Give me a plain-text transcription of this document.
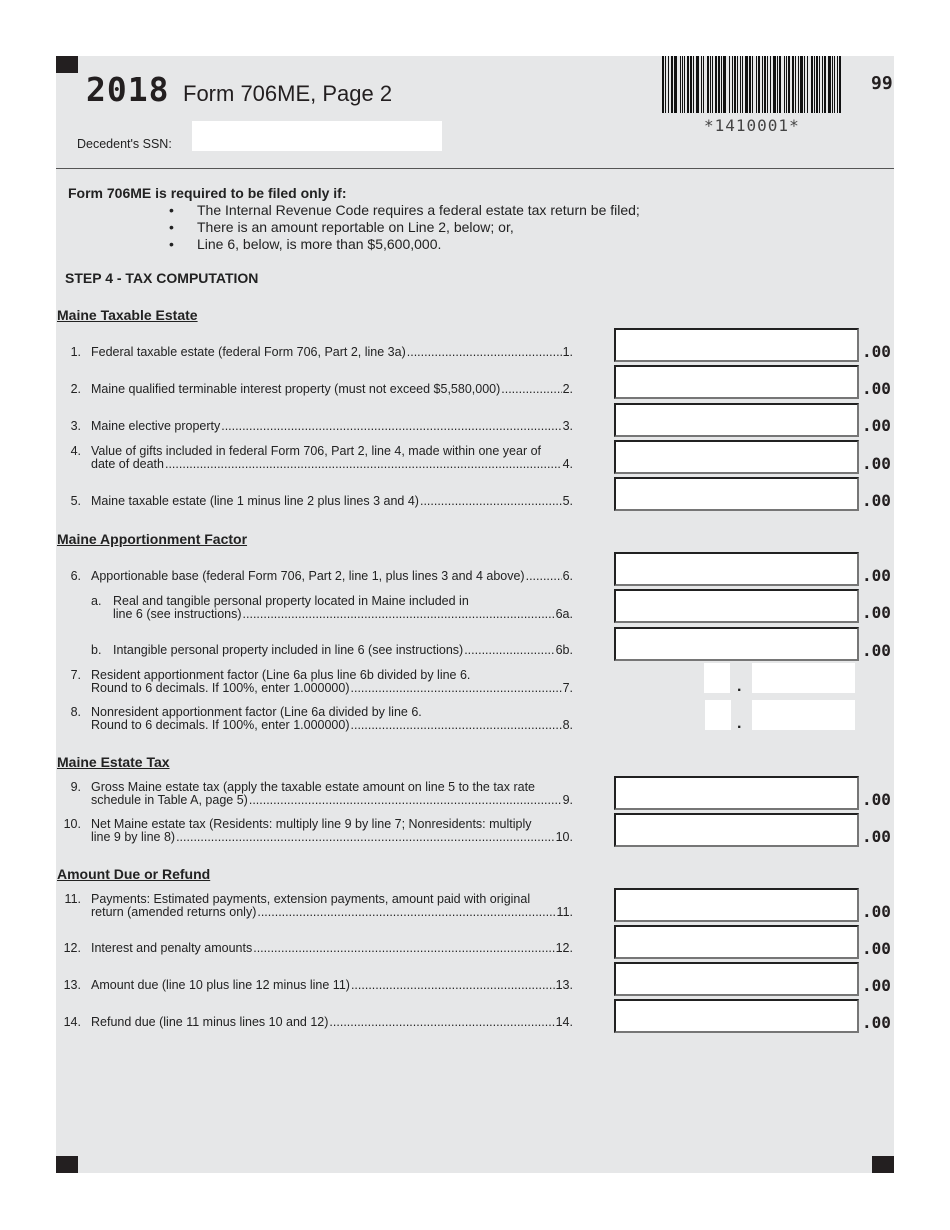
2018 Form 706ME, Page 2	99
*1410001*
Decedent's SSN:
Form 706ME is required to be filed only if:
• The Internal Revenue Code requires a federal estate tax return be filed;
• There is an amount reportable on Line 2, below; or,
• Line 6, below, is more than $5,600,000.
STEP 4 - TAX COMPUTATION
Maine Taxable Estate
1. Federal taxable estate (federal Form 706, Part 2, line 3a) .....	1.	.00
2. Maine qualified terminable interest property (must not exceed $5,580,000) .....	2.	.00
3. Maine elective property .....	3.	.00
4. Value of gifts included in federal Form 706, Part 2, line 4, made within one year of
date of death .....	4.	.00
5. Maine taxable estate (line 1 minus line 2 plus lines 3 and 4) .....	5.	.00
Maine Apportionment Factor
6. Apportionable base (federal Form 706, Part 2, line 1, plus lines 3 and 4 above) .....	6.	.00
a. Real and tangible personal property located in Maine included in
line 6 (see instructions) .....	6a.	.00
b. Intangible personal property included in line 6 (see instructions) .....	6b.	.00
7. Resident apportionment factor (Line 6a plus line 6b divided by line 6.
Round to 6 decimals. If 100%, enter 1.000000) .....	7.	.
8. Nonresident apportionment factor (Line 6a divided by line 6.
Round to 6 decimals. If 100%, enter 1.000000) .....	8.	.
Maine Estate Tax
9. Gross Maine estate tax (apply the taxable estate amount on line 5 to the tax rate
schedule in Table A, page 5) .....	9.	.00
10. Net Maine estate tax (Residents: multiply line 9 by line 7; Nonresidents: multiply
line 9 by line 8) .....	10.	.00
Amount Due or Refund
11. Payments: Estimated payments, extension payments, amount paid with original
return (amended returns only) .....	11.	.00
12. Interest and penalty amounts .....	12.	.00
13. Amount due (line 10 plus line 12 minus line 11) .....	13.	.00
14. Refund due (line 11 minus lines 10 and 12) .....	14.	.00
